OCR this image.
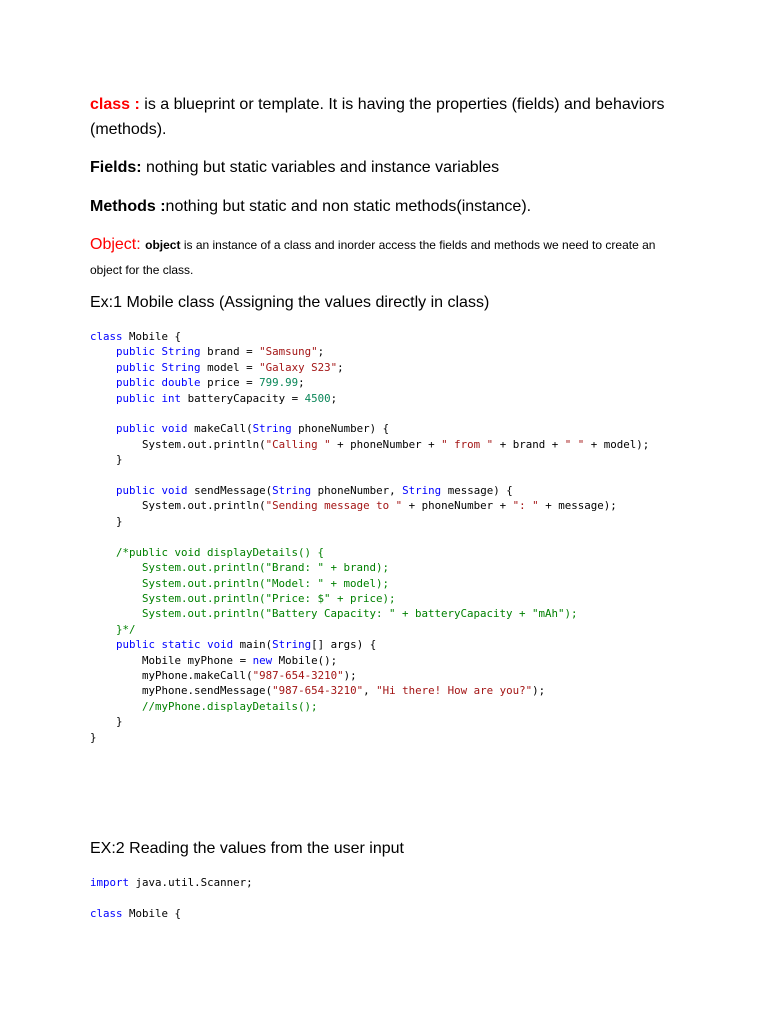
class : is a blueprint or template. It is having the properties (fields) and behaviors (methods).
Fields: nothing but static variables and instance variables
Methods :nothing but static and non static methods(instance).
Object: object is an instance of a class and inorder access the fields and methods we need to create an object for the class.
Ex:1 Mobile class (Assigning the values directly in class)
class Mobile {
public String brand = "Samsung";
public String model = "Galaxy S23";
public double price = 799.99;
public int batteryCapacity = 4500;

public void makeCall(String phoneNumber) {
System.out.println("Calling " + phoneNumber + " from " + brand + " " + model);
}

public void sendMessage(String phoneNumber, String message) {
System.out.println("Sending message to " + phoneNumber + ": " + message);
}

/*public void displayDetails() {
System.out.println("Brand: " + brand);
System.out.println("Model: " + model);
System.out.println("Price: $" + price);
System.out.println("Battery Capacity: " + batteryCapacity + "mAh");
}*/
public static void main(String[] args) {
Mobile myPhone = new Mobile();
myPhone.makeCall("987-654-3210");
myPhone.sendMessage("987-654-3210", "Hi there! How are you?");
//myPhone.displayDetails();
}
}
EX:2 Reading the values from the user input
import java.util.Scanner;

class Mobile {
